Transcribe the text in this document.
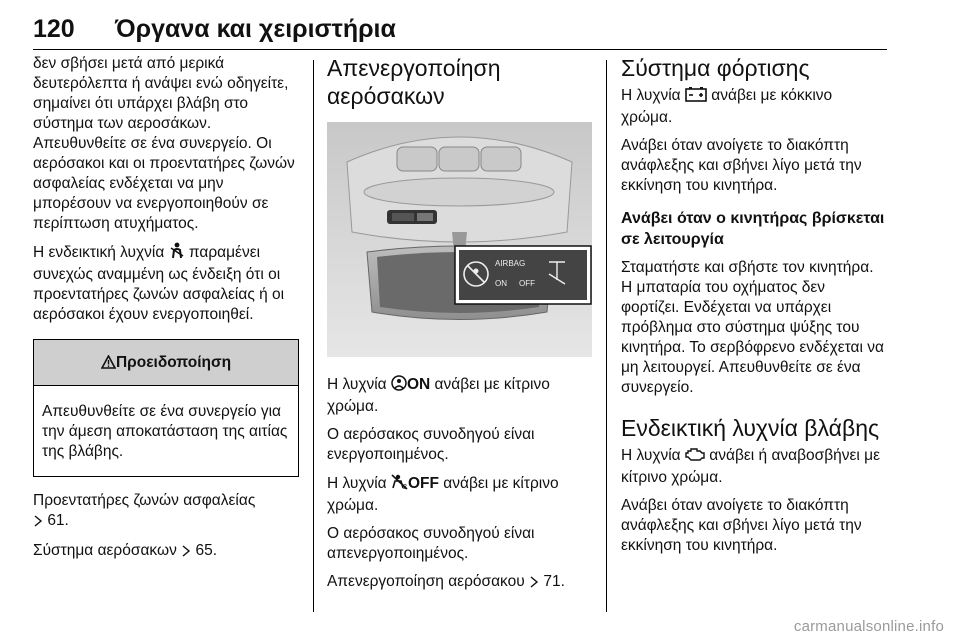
120 Όργανα και χειριστήρια

δεν σβήσει μετά από μερικά δευτερόλεπτα ή ανάψει ενώ οδηγείτε, σημαίνει ότι υπάρχει βλάβη στο σύστημα των αεροσάκων. Απευθυνθείτε σε ένα συνεργείο. Οι αερόσακοι και οι προεντατήρες ζωνών ασφαλείας ενδέχεται να μην μπορέσουν να ενεργοποιηθούν σε περίπτωση ατυχήματος.

Η ενδεικτική λυχνία παραμένει συνεχώς αναμμένη ως ένδειξη ότι οι προεντατήρες ζωνών ασφαλείας ή οι αερόσακοι έχουν ενεργοποιηθεί.

Προειδοποίηση
Απευθυνθείτε σε ένα συνεργείο για την άμεση αποκατάσταση της αιτίας της βλάβης.

Προεντατήρες ζωνών ασφαλείας
61.

Σύστημα αερόσακων 65.

Απενεργοποίηση αερόσακων
AIRBAG
ON OFF

Η λυχνία ON ανάβει με κίτρινο χρώμα.

Ο αερόσακος συνοδηγού είναι ενεργοποιημένος.

Η λυχνία 2 OFF ανάβει με κίτρινο χρώμα.

Ο αερόσακος συνοδηγού είναι απενεργοποιημένος.

Απενεργοποίηση αερόσακου 71.

Σύστημα φόρτισης

Η λυχνία ανάβει με κόκκινο χρώμα.

Ανάβει όταν ανοίγετε το διακόπτη ανάφλεξης και σβήνει λίγο μετά την εκκίνηση του κινητήρα.

Ανάβει όταν ο κινητήρας βρίσκεται σε λειτουργία

Σταματήστε και σβήστε τον κινητήρα. Η μπαταρία του οχήματος δεν φορτίζει. Ενδέχεται να υπάρχει πρόβλημα στο σύστημα ψύξης του κινητήρα. Το σερβόφρενο ενδέχεται να μη λειτουργεί. Απευθυνθείτε σε ένα συνεργείο.

Ενδεικτική λυχνία βλάβης

Η λυχνία ανάβει ή αναβοσβήνει με κίτρινο χρώμα.

Ανάβει όταν ανοίγετε το διακόπτη ανάφλεξης και σβήνει λίγο μετά την εκκίνηση του κινητήρα.

carmanualsonline.info
